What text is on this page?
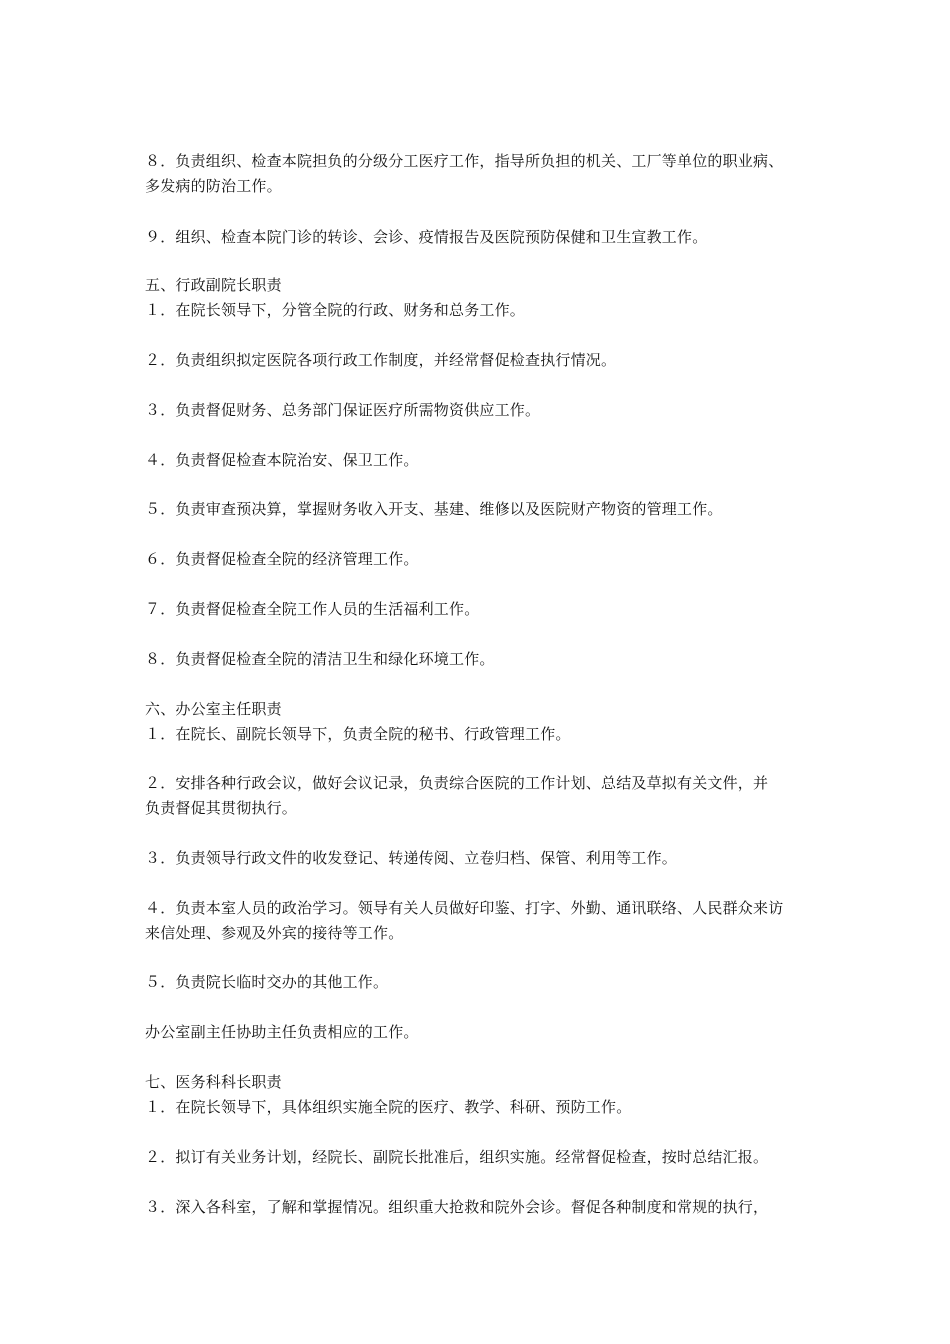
８．负责组织、检查本院担负的分级分工医疗工作，指导所负担的机关、工厂等单位的职业病、
多发病的防治工作。
９．组织、检查本院门诊的转诊、会诊、疫情报告及医院预防保健和卫生宣教工作。
五、行政副院长职责
１．在院长领导下，分管全院的行政、财务和总务工作。
２．负责组织拟定医院各项行政工作制度，并经常督促检查执行情况。
３．负责督促财务、总务部门保证医疗所需物资供应工作。
４．负责督促检查本院治安、保卫工作。
５．负责审查预决算，掌握财务收入开支、基建、维修以及医院财产物资的管理工作。
６．负责督促检查全院的经济管理工作。
７．负责督促检查全院工作人员的生活福利工作。
８．负责督促检查全院的清洁卫生和绿化环境工作。
六、办公室主任职责
１．在院长、副院长领导下，负责全院的秘书、行政管理工作。
２．安排各种行政会议，做好会议记录，负责综合医院的工作计划、总结及草拟有关文件，并
负责督促其贯彻执行。
３．负责领导行政文件的收发登记、转递传阅、立卷归档、保管、利用等工作。
４．负责本室人员的政治学习。领导有关人员做好印鉴、打字、外勤、通讯联络、人民群众来访
来信处理、参观及外宾的接待等工作。
５．负责院长临时交办的其他工作。
办公室副主任协助主任负责相应的工作。
七、医务科科长职责
１．在院长领导下，具体组织实施全院的医疗、教学、科研、预防工作。
２．拟订有关业务计划，经院长、副院长批准后，组织实施。经常督促检查，按时总结汇报。
３．深入各科室，了解和掌握情况。组织重大抢救和院外会诊。督促各种制度和常规的执行，
